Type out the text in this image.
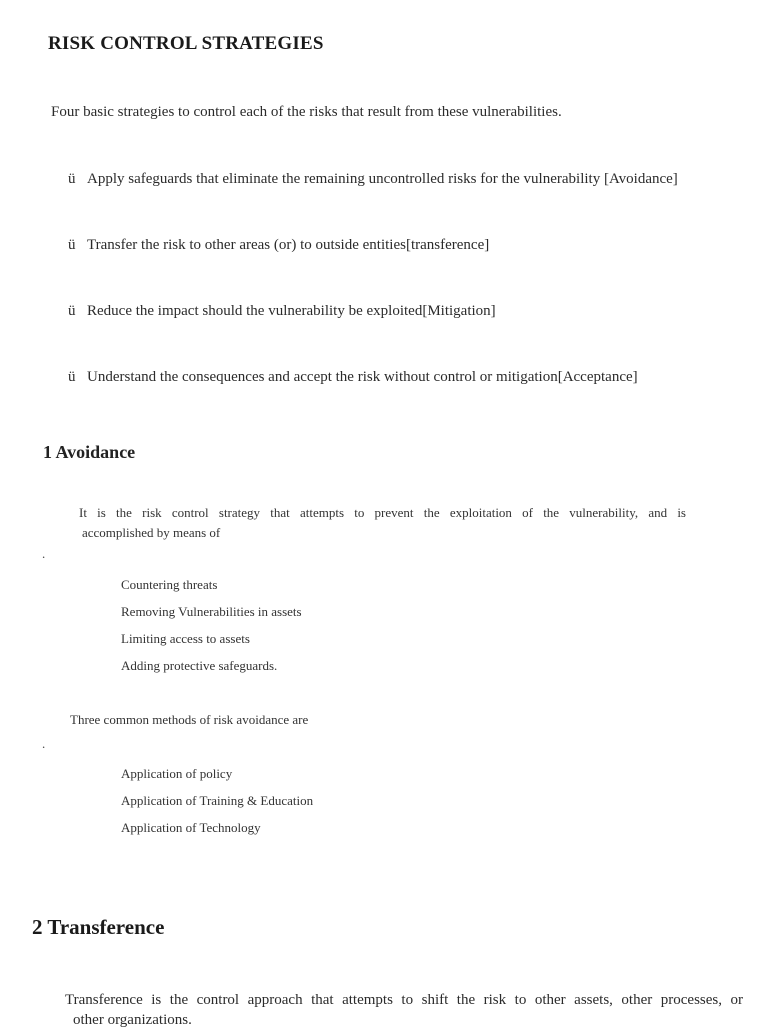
RISK CONTROL STRATEGIES
Four basic strategies to control each of the risks that result from these vulnerabilities.
ü Apply safeguards that eliminate the remaining uncontrolled risks for the vulnerability [Avoidance]
ü Transfer the risk to other areas (or) to outside entities[transference]
ü Reduce the impact should the vulnerability be exploited[Mitigation]
ü Understand the consequences and accept the risk without control or mitigation[Acceptance]
1 Avoidance
It is the risk control strategy that attempts to prevent the exploitation of the vulnerability, and is
accomplished by means of
.
Countering threats
Removing Vulnerabilities in assets
Limiting access to assets
Adding protective safeguards.
Three common methods of risk avoidance are
.
Application of policy
Application of Training & Education
Application of Technology
2 Transference
Transference is the control approach that attempts to shift the risk to other assets, other processes, or
other organizations.
